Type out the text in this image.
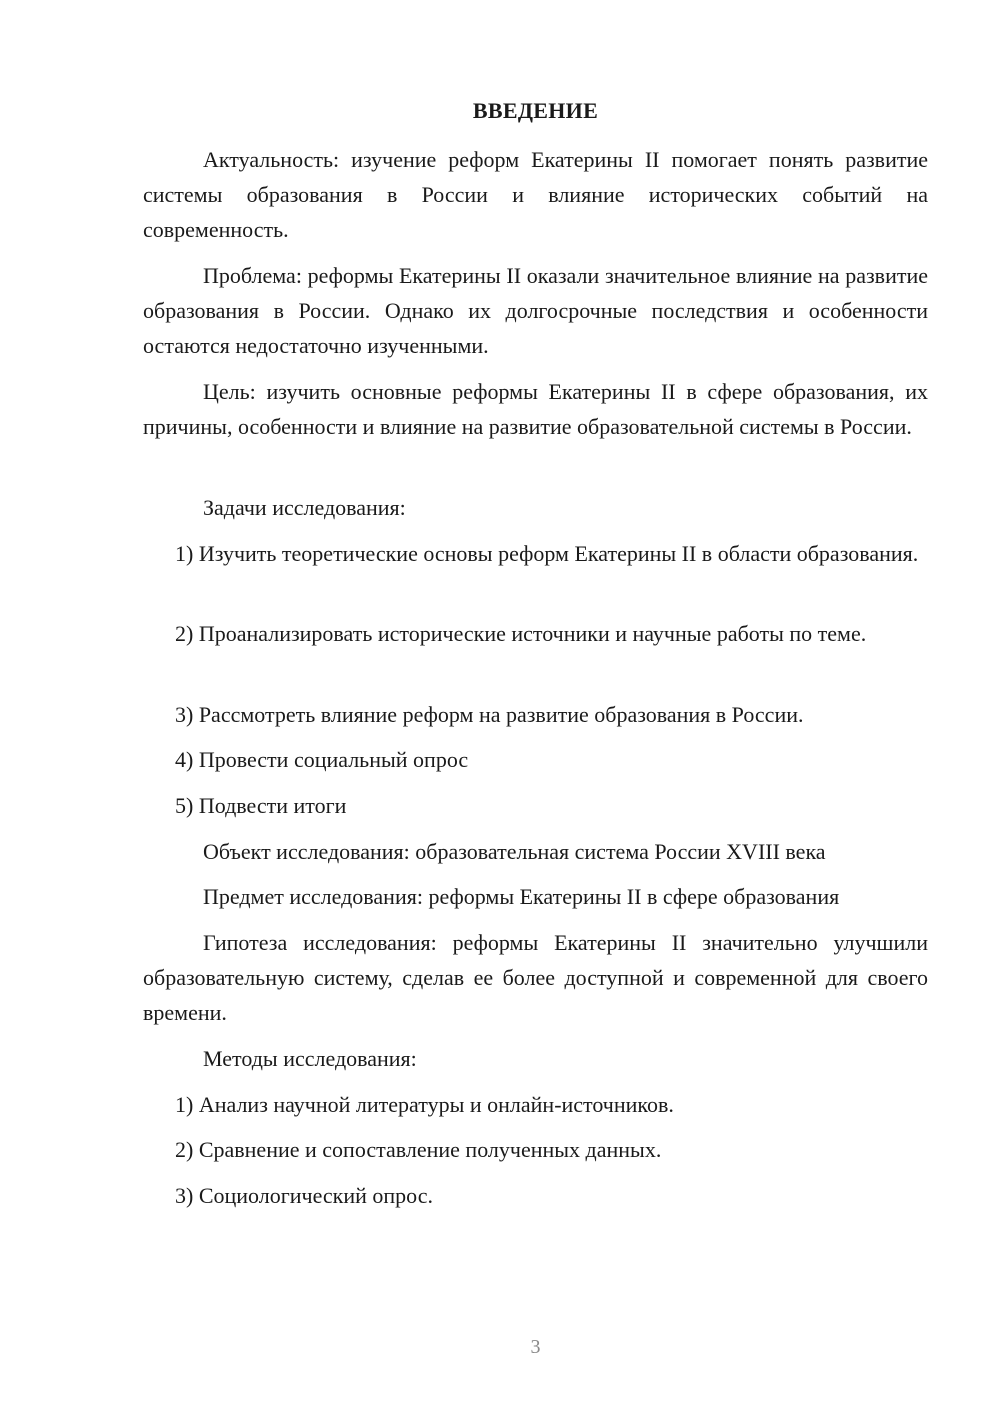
ВВЕДЕНИЕ

Актуальность: изучение реформ Екатерины II помогает понять развитие системы образования в России и влияние исторических событий на современность.

Проблема: реформы Екатерины II оказали значительное влияние на развитие образования в России. Однако их долгосрочные последствия и особенности остаются недостаточно изученными.

Цель: изучить основные реформы Екатерины II в сфере образования, их причины, особенности и влияние на развитие образовательной системы в России.

Задачи исследования:

1) Изучить теоретические основы реформ Екатерины II в области образования.

2) Проанализировать исторические источники и научные работы по теме.

3) Рассмотреть влияние реформ на развитие образования в России.

4) Провести социальный опрос

5) Подвести итоги

Объект исследования: образовательная система России XVIII века

Предмет исследования: реформы Екатерины II в сфере образования

Гипотеза исследования: реформы Екатерины II значительно улучшили образовательную систему, сделав ее более доступной и современной для своего времени.

Методы исследования:

1) Анализ научной литературы и онлайн-источников.

2) Сравнение и сопоставление полученных данных.

3) Социологический опрос.

3
